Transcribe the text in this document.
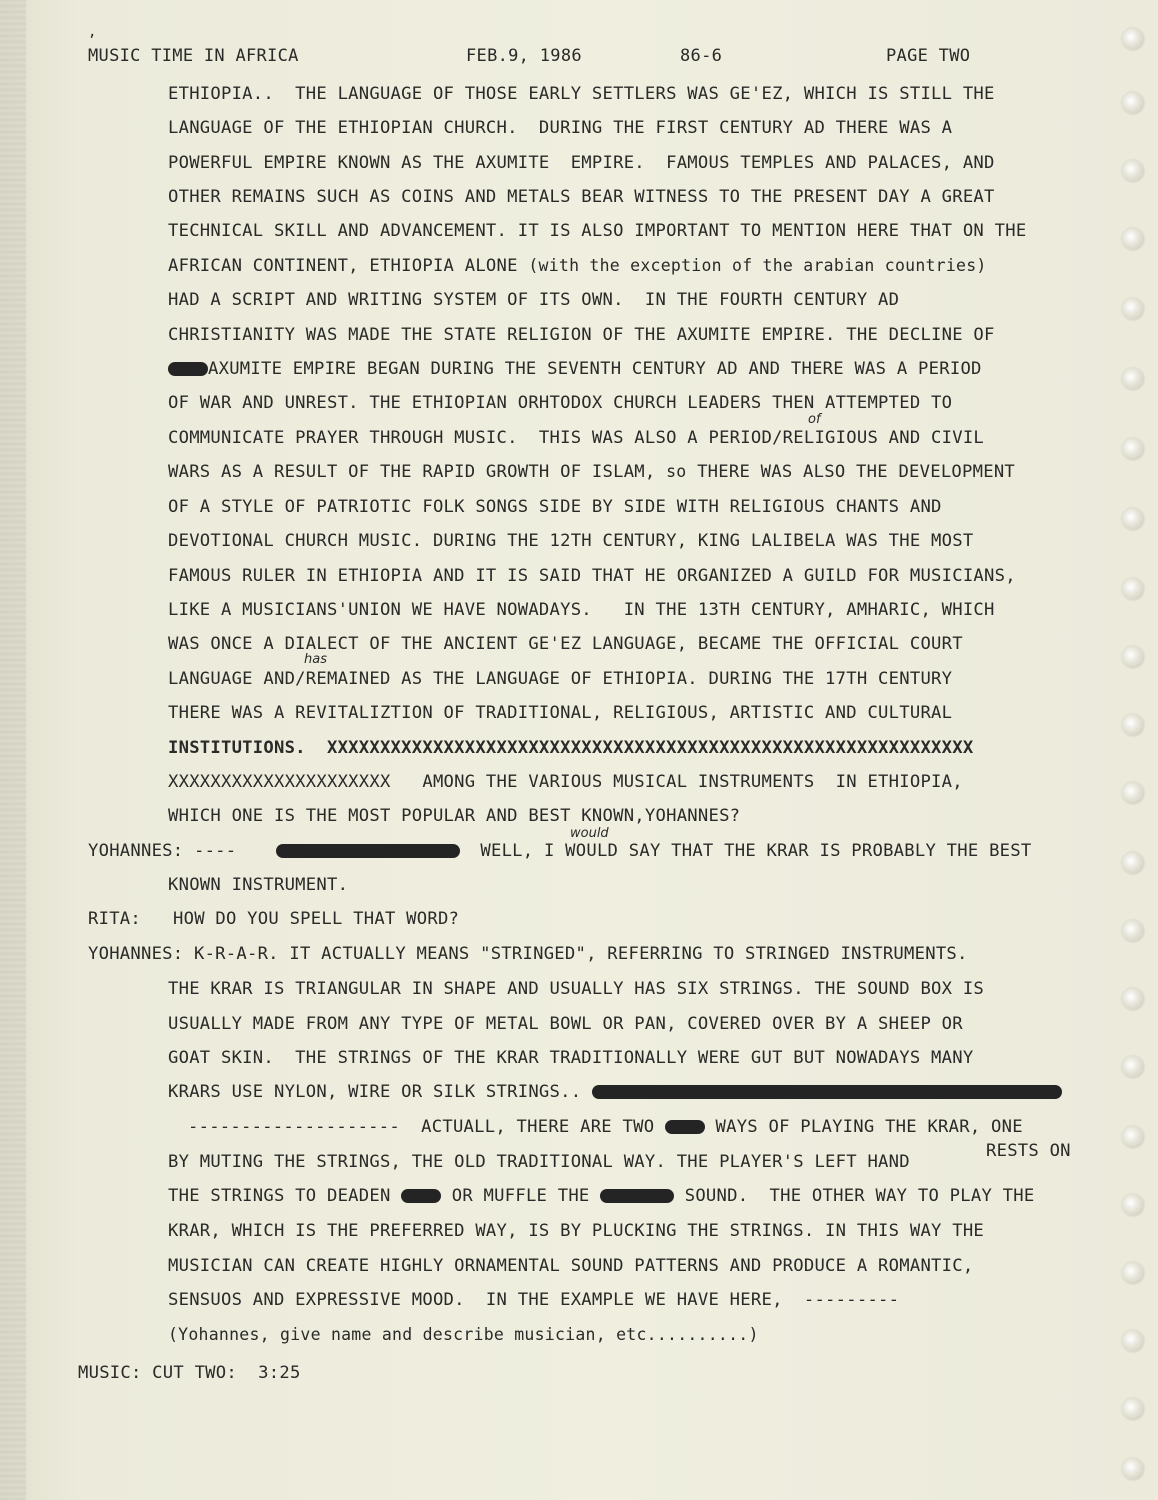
,
MUSIC TIME IN AFRICA	FEB.9, 1986	86-6	PAGE TWO
ETHIOPIA..  THE LANGUAGE OF THOSE EARLY SETTLERS WAS GE'EZ, WHICH IS STILL THE
LANGUAGE OF THE ETHIOPIAN CHURCH.  DURING THE FIRST CENTURY AD THERE WAS A
POWERFUL EMPIRE KNOWN AS THE AXUMITE  EMPIRE.  FAMOUS TEMPLES AND PALACES, AND
OTHER REMAINS SUCH AS COINS AND METALS BEAR WITNESS TO THE PRESENT DAY A GREAT
TECHNICAL SKILL AND ADVANCEMENT. IT IS ALSO IMPORTANT TO MENTION HERE THAT ON THE
AFRICAN CONTINENT, ETHIOPIA ALONE (with the exception of the arabian countries)
HAD A SCRIPT AND WRITING SYSTEM OF ITS OWN.  IN THE FOURTH CENTURY AD
CHRISTIANITY WAS MADE THE STATE RELIGION OF THE AXUMITE EMPIRE. THE DECLINE OF
AXUMITE EMPIRE BEGAN DURING THE SEVENTH CENTURY AD AND THERE WAS A PERIOD
OF WAR AND UNREST. THE ETHIOPIAN ORHTODOX CHURCH LEADERS THEN ATTEMPTED TO
COMMUNICATE PRAYER THROUGH MUSIC.  THIS WAS ALSO A PERIOD/RELIGIOUS AND CIVIL
of
WARS AS A RESULT OF THE RAPID GROWTH OF ISLAM, so THERE WAS ALSO THE DEVELOPMENT
OF A STYLE OF PATRIOTIC FOLK SONGS SIDE BY SIDE WITH RELIGIOUS CHANTS AND
DEVOTIONAL CHURCH MUSIC. DURING THE 12TH CENTURY, KING LALIBELA WAS THE MOST
FAMOUS RULER IN ETHIOPIA AND IT IS SAID THAT HE ORGANIZED A GUILD FOR MUSICIANS,
LIKE A MUSICIANS'UNION WE HAVE NOWADAYS.   IN THE 13TH CENTURY, AMHARIC, WHICH
WAS ONCE A DIALECT OF THE ANCIENT GE'EZ LANGUAGE, BECAME THE OFFICIAL COURT
LANGUAGE AND/REMAINED AS THE LANGUAGE OF ETHIOPIA. DURING THE 17TH CENTURY
has
THERE WAS A REVITALIZTION OF TRADITIONAL, RELIGIOUS, ARTISTIC AND CULTURAL
INSTITUTIONS.  XXXXXXXXXXXXXXXXXXXXXXXXXXXXXXXXXXXXXXXXXXXXXXXXXXXXXXXXXXXXX
XXXXXXXXXXXXXXXXXXXXX   AMONG THE VARIOUS MUSICAL INSTRUMENTS  IN ETHIOPIA,
WHICH ONE IS THE MOST POPULAR AND BEST KNOWN,YOHANNES?
YOHANNES: ----	WELL, I WOULD SAY THAT THE KRAR IS PROBABLY THE BEST
would
KNOWN INSTRUMENT.
RITA: HOW DO YOU SPELL THAT WORD?
YOHANNES: K-R-A-R. IT ACTUALLY MEANS "STRINGED", REFERRING TO STRINGED INSTRUMENTS.
THE KRAR IS TRIANGULAR IN SHAPE AND USUALLY HAS SIX STRINGS. THE SOUND BOX IS
USUALLY MADE FROM ANY TYPE OF METAL BOWL OR PAN, COVERED OVER BY A SHEEP OR
GOAT SKIN.  THE STRINGS OF THE KRAR TRADITIONALLY WERE GUT BUT NOWADAYS MANY
KRARS USE NYLON, WIRE OR SILK STRINGS..
--------------------  ACTUALL, THERE ARE TWO  WAYS OF PLAYING THE KRAR, ONE
BY MUTING THE STRINGS, THE OLD TRADITIONAL WAY. THE PLAYER'S LEFT HAND
RESTS ON
THE STRINGS TO DEADEN  OR MUFFLE THE	SOUND.  THE OTHER WAY TO PLAY THE
KRAR, WHICH IS THE PREFERRED WAY, IS BY PLUCKING THE STRINGS. IN THIS WAY THE
MUSICIAN CAN CREATE HIGHLY ORNAMENTAL SOUND PATTERNS AND PRODUCE A ROMANTIC,
SENSUOS AND EXPRESSIVE MOOD.  IN THE EXAMPLE WE HAVE HERE,  ---------
(Yohannes, give name and describe musician, etc..........)
MUSIC: CUT TWO:  3:25
